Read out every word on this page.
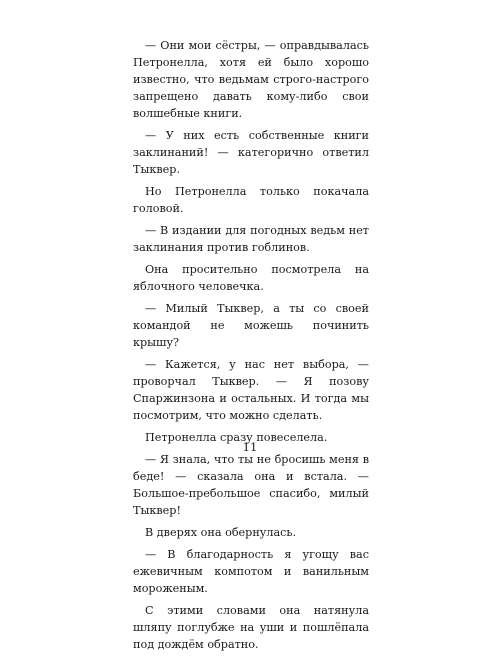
— Они мои сёстры, — оправдывалась Петронелла, хотя ей было хорошо известно, что ведьмам строго-настрого запрещено давать кому-либо свои волшебные книги.

— У них есть собственные книги заклинаний! — категорично ответил Тыквер.

Но Петронелла только покачала головой.

— В издании для погодных ведьм нет заклинания против гоблинов.

Она просительно посмотрела на яблочного человечка.

— Милый Тыквер, а ты со своей командой не можешь починить крышу?

— Кажется, у нас нет выбора, — проворчал Тыквер. — Я позову Спаржинзона и остальных. И тогда мы посмотрим, что можно сделать.

Петронелла сразу повеселела.

— Я знала, что ты не бросишь меня в беде! — сказала она и встала. — Большое-пребольшое спасибо, милый Тыквер!

В дверях она обернулась.

— В благодарность я угощу вас ежевичным компотом и ванильным мороженым.

С этими словами она натянула шляпу поглубже на уши и пошлёпала под дождём обратно.

11
